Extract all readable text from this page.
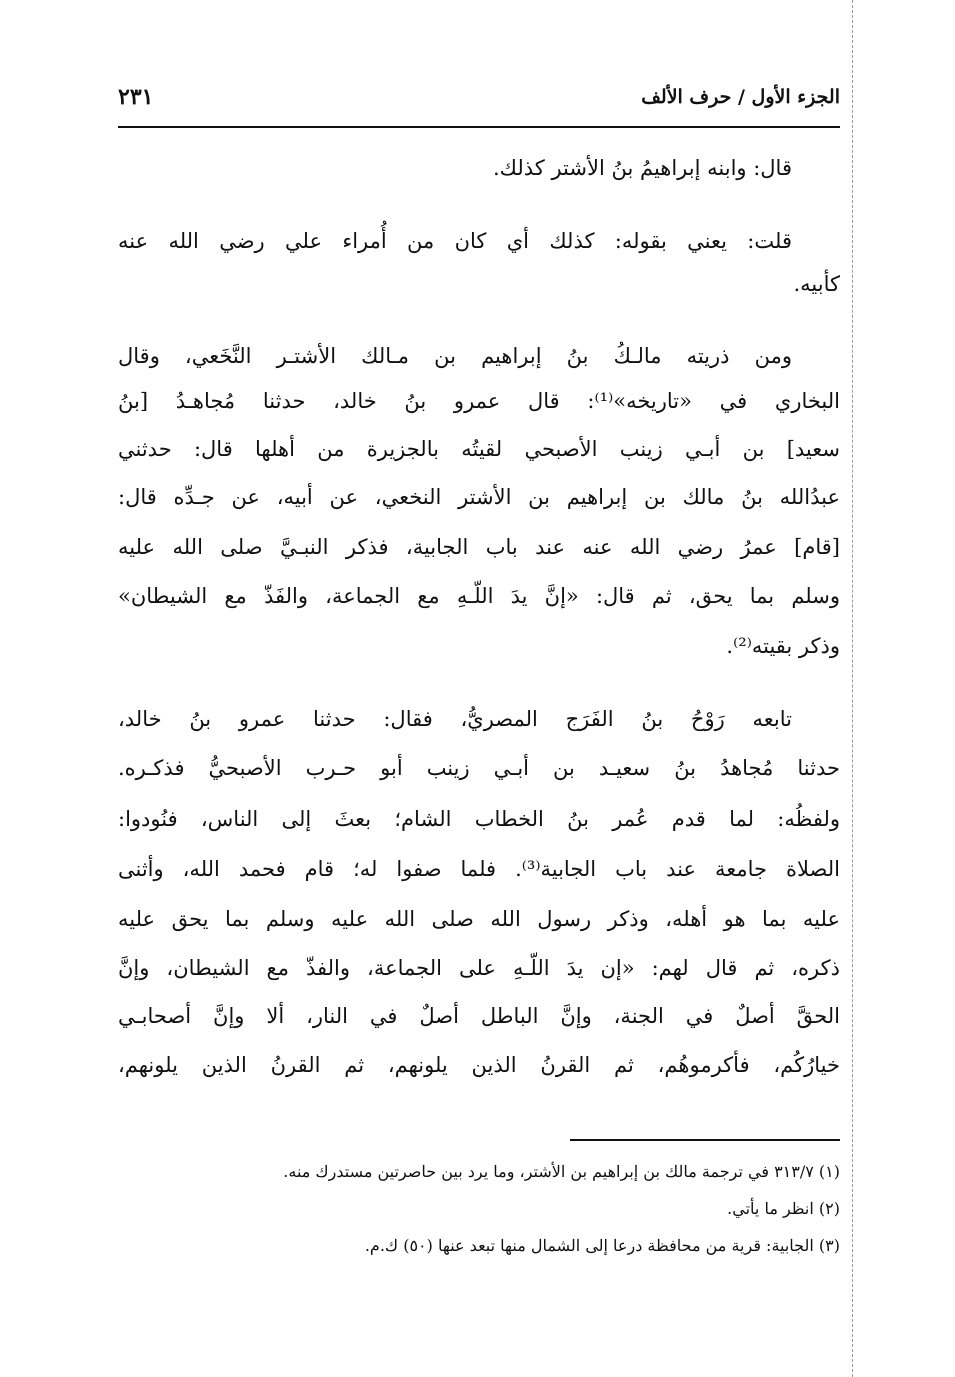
الجزء الأول / حرف الألف
٢٣١
قال: وابنه إبراهيمُ بنُ الأشتر كذلك.
قلت: يعني بقوله: كذلك أي كان من أُمراء علي رضي الله عنه
كأبيه.
ومن ذريته مالـكُ بنُ إبراهيم بن مـالك الأشتـر النَّخَعي، وقال
البخاري في «تاريخه»⁽¹⁾: قال عمرو بنُ خالد، حدثنا مُجاهـدُ [بنُ
سعيد] بن أبـي زينب الأصبحي لقيتُه بالجزيرة من أهلها قال: حدثني
عبدُالله بنُ مالك بن إبراهيم بن الأشتر النخعي، عن أبيه، عن جـدِّه قال:
[قام] عمرُ رضي الله عنه عند باب الجابية، فذكر النبـيَّ صلى الله عليه
وسلم بما يحق، ثم قال: «إنَّ يدَ اللّـهِ مع الجماعة، والفَذّ مع الشيطان»
وذكر بقيته⁽²⁾.
تابعه رَوْحُ بنُ الفَرَج المصريُّ، فقال: حدثنا عمرو بنُ خالد،
حدثنا مُجاهدُ بنُ سعيـد بن أبـي زينب أبو حـرب الأصبحيُّ فذكـره.
ولفظُه: لما قدم عُمر بنُ الخطاب الشام؛ بعثَ إلى الناس، فنُودوا:
الصلاة جامعة عند باب الجابية⁽³⁾. فلما صفوا له؛ قام فحمد الله، وأثنى
عليه بما هو أهله، وذكر رسول الله صلى الله عليه وسلم بما يحق عليه
ذكره، ثم قال لهم: «إن يدَ اللّـهِ على الجماعة، والفذّ مع الشيطان، وإنَّ
الحقَّ أصلٌ في الجنة، وإنَّ الباطل أصلٌ في النار، ألا وإنَّ أصحابـي
خيارُكُم، فأكرموهُم، ثم القرنُ الذين يلونهم، ثم القرنُ الذين يلونهم،
(١) ٣١٣/٧ في ترجمة مالك بن إبراهيم بن الأشتر، وما يرد بين حاصرتين مستدرك منه.
(٢) انظر ما يأتي.
(٣) الجابية: قرية من محافظة درعا إلى الشمال منها تبعد عنها (٥٠) ك.م.
